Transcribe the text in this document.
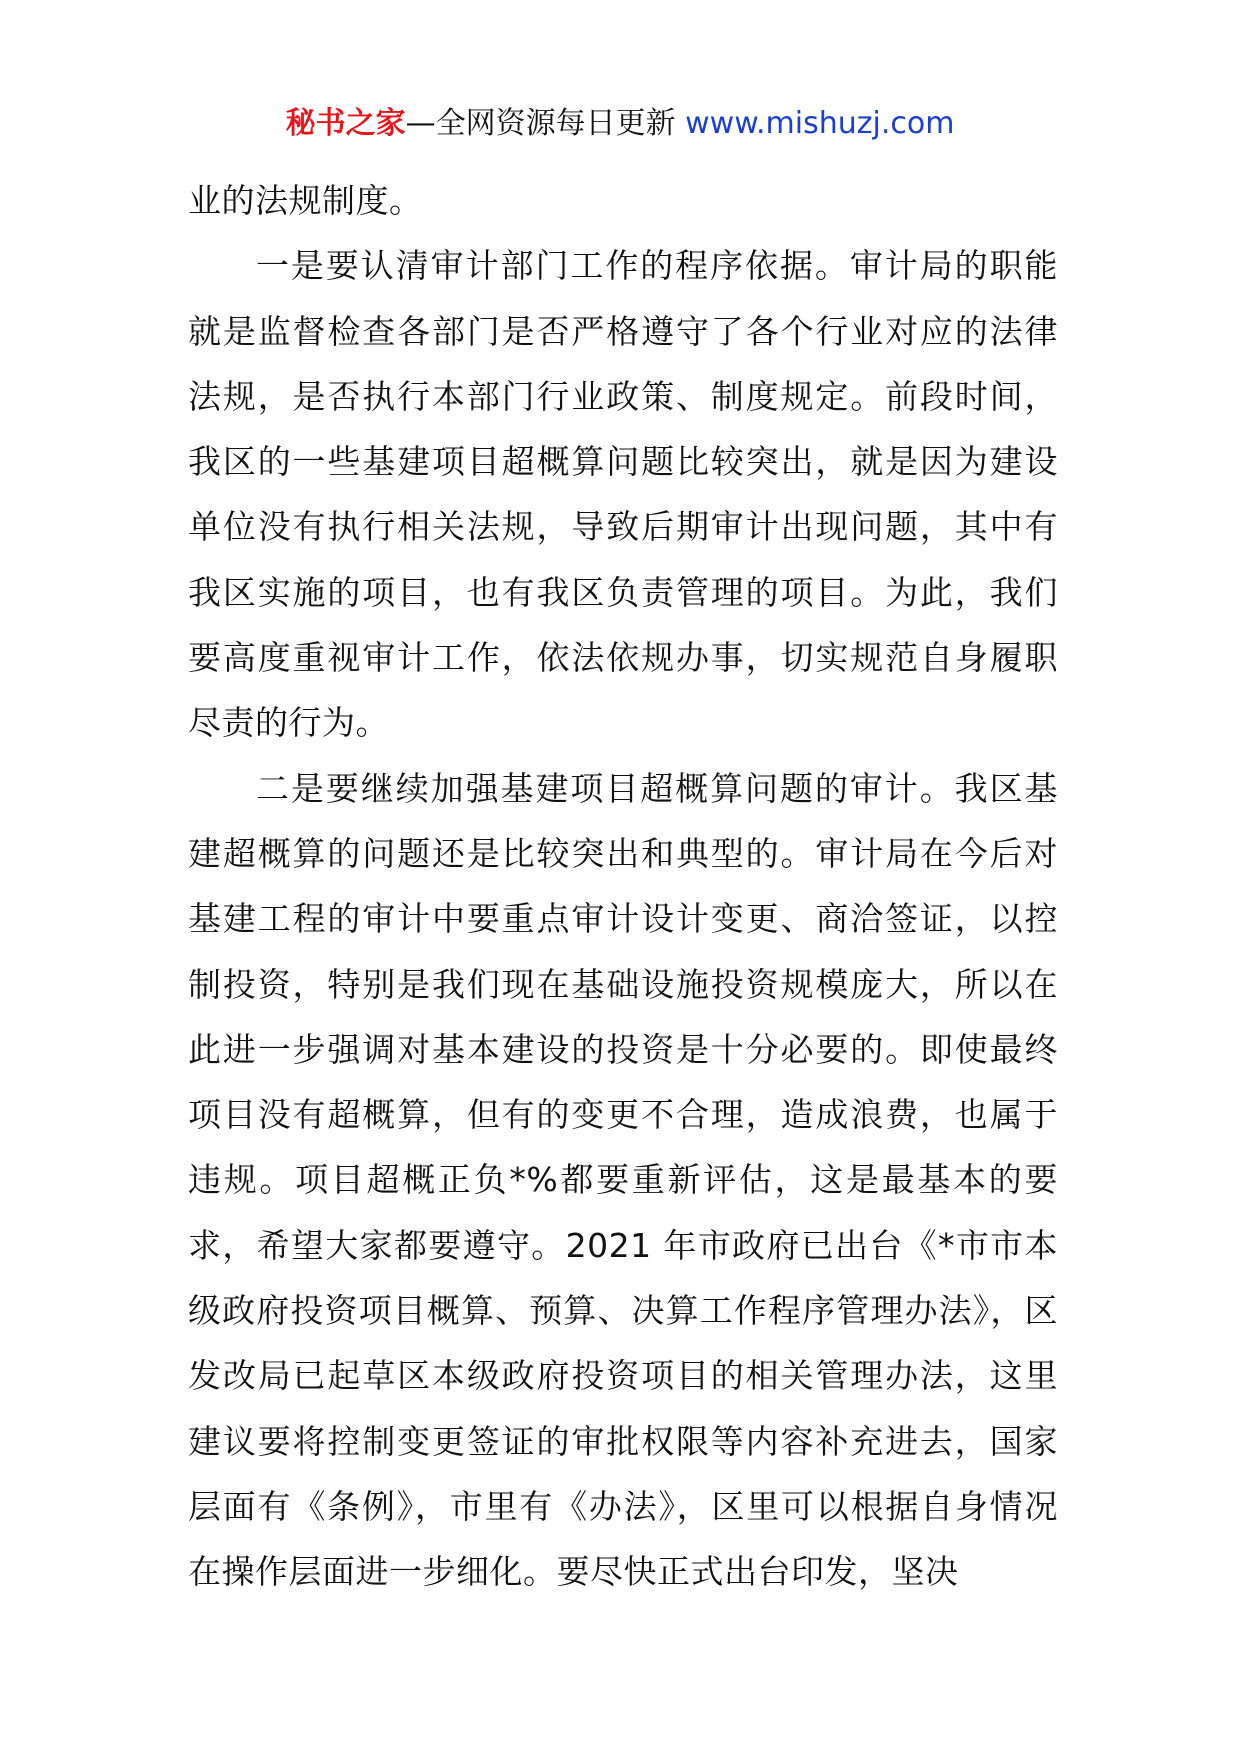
秘书之家—全网资源每日更新 www.mishuzj.com

业的法规制度。

一是要认清审计部门工作的程序依据。审计局的职能就是监督检查各部门是否严格遵守了各个行业对应的法律法规，是否执行本部门行业政策、制度规定。前段时间，我区的一些基建项目超概算问题比较突出，就是因为建设单位没有执行相关法规，导致后期审计出现问题，其中有我区实施的项目，也有我区负责管理的项目。为此，我们要高度重视审计工作，依法依规办事，切实规范自身履职尽责的行为。

二是要继续加强基建项目超概算问题的审计。我区基建超概算的问题还是比较突出和典型的。审计局在今后对基建工程的审计中要重点审计设计变更、商洽签证，以控制投资，特别是我们现在基础设施投资规模庞大，所以在此进一步强调对基本建设的投资是十分必要的。即使最终项目没有超概算，但有的变更不合理，造成浪费，也属于违规。项目超概正负*%都要重新评估，这是最基本的要求，希望大家都要遵守。2021 年市政府已出台《*市市本级政府投资项目概算、预算、决算工作程序管理办法》，区发改局已起草区本级政府投资项目的相关管理办法，这里建议要将控制变更签证的审批权限等内容补充进去，国家层面有《条例》，市里有《办法》，区里可以根据自身情况在操作层面进一步细化。要尽快正式出台印发，坚决
